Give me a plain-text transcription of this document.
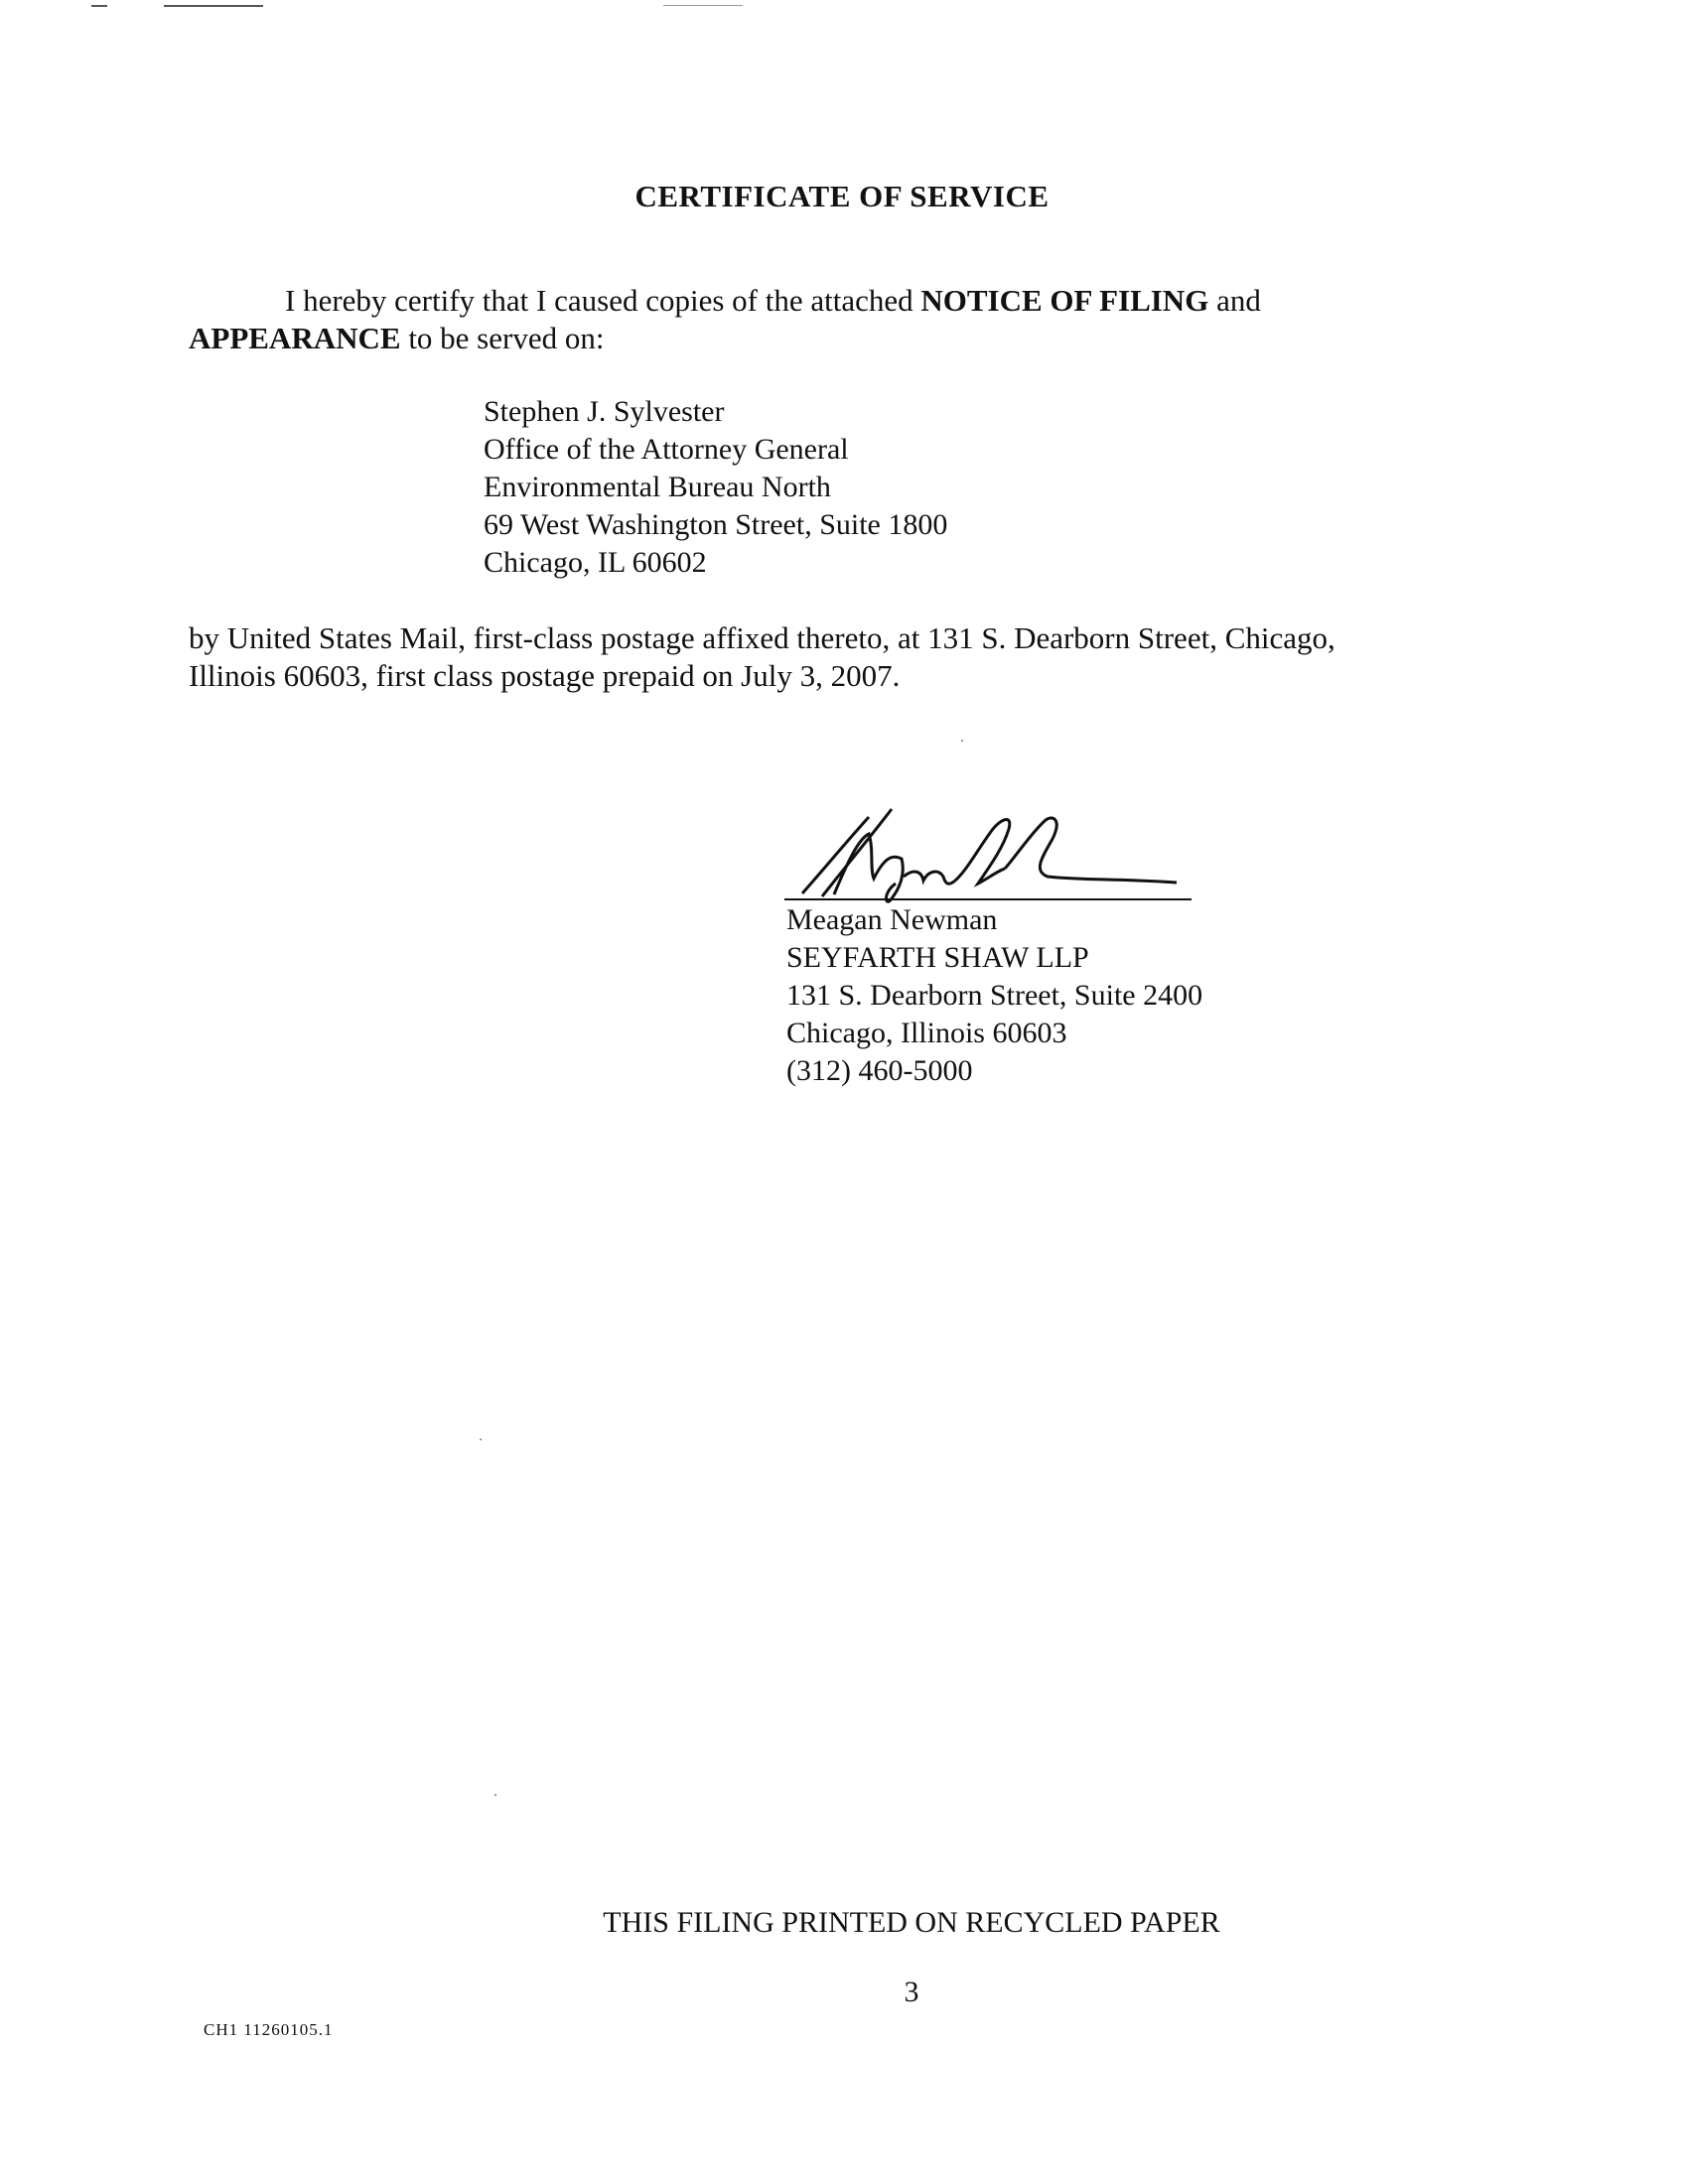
CERTIFICATE OF SERVICE
I hereby certify that I caused copies of the attached NOTICE OF FILING and
APPEARANCE to be served on:
Stephen J. Sylvester
Office of the Attorney General
Environmental Bureau North
69 West Washington Street, Suite 1800
Chicago, IL 60602
by United States Mail, first-class postage affixed thereto, at 131 S. Dearborn Street, Chicago,
Illinois 60603, first class postage prepaid on July 3, 2007.
Meagan Newman
SEYFARTH SHAW LLP
131 S. Dearborn Street, Suite 2400
Chicago, Illinois 60603
(312) 460-5000
THIS FILING PRINTED ON RECYCLED PAPER
3
CH1 11260105.1
